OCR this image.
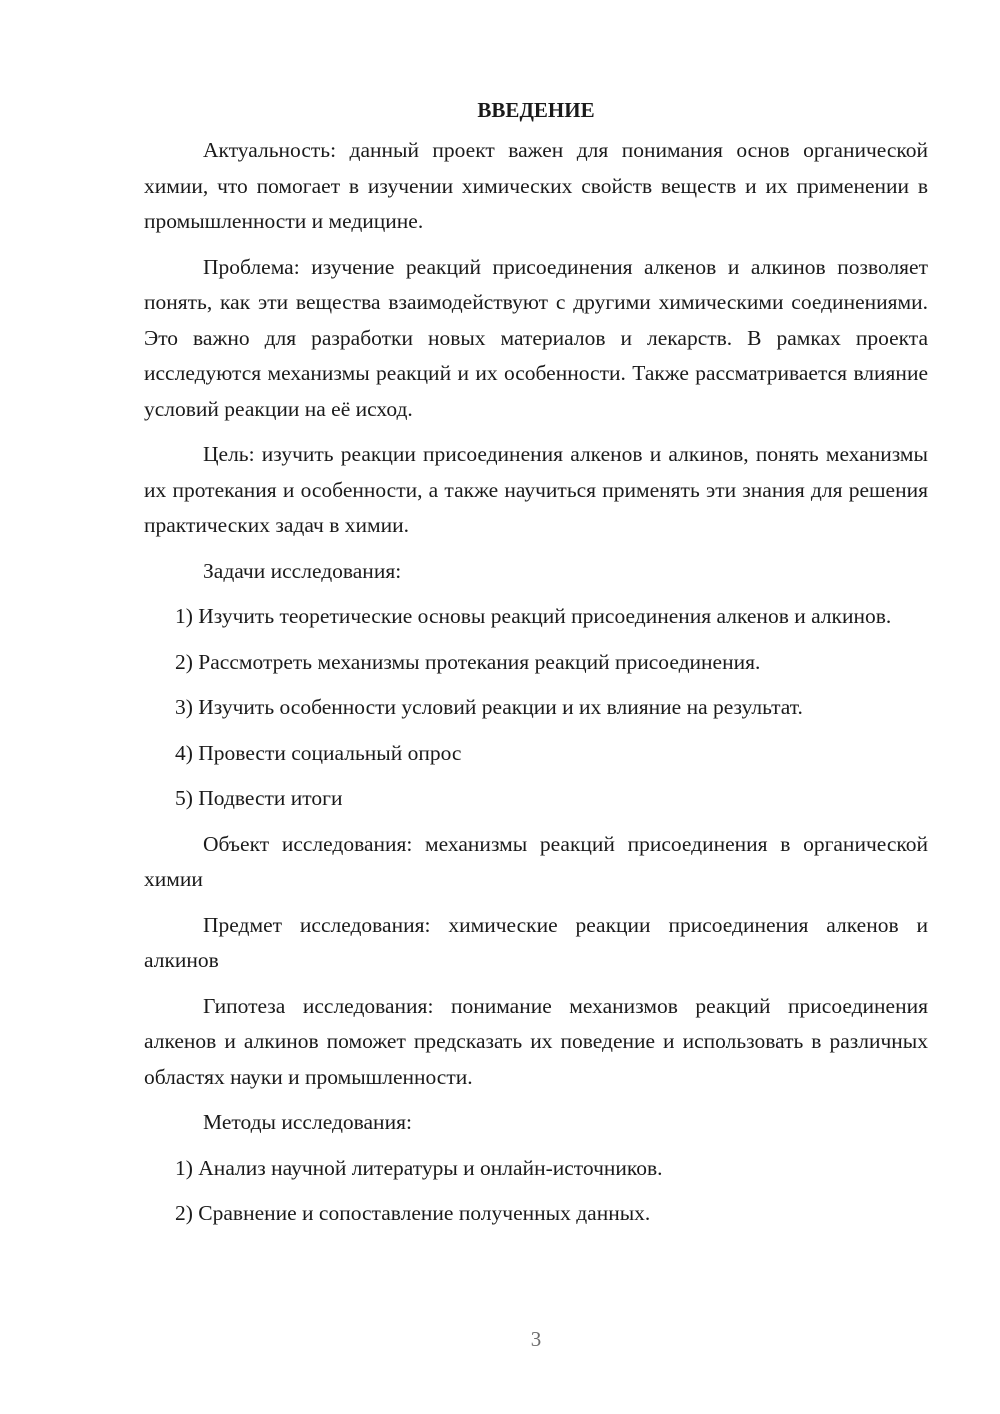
ВВЕДЕНИЕ

Актуальность: данный проект важен для понимания основ органической химии, что помогает в изучении химических свойств веществ и их применении в промышленности и медицине.

Проблема: изучение реакций присоединения алкенов и алкинов позволяет понять, как эти вещества взаимодействуют с другими химическими соединениями. Это важно для разработки новых материалов и лекарств. В рамках проекта исследуются механизмы реакций и их особенности. Также рассматривается влияние условий реакции на её исход.

Цель: изучить реакции присоединения алкенов и алкинов, понять механизмы их протекания и особенности, а также научиться применять эти знания для решения практических задач в химии.

Задачи исследования:

1) Изучить теоретические основы реакций присоединения алкенов и алкинов.

2) Рассмотреть механизмы протекания реакций присоединения.

3) Изучить особенности условий реакции и их влияние на результат.

4) Провести социальный опрос

5) Подвести итоги

Объект исследования: механизмы реакций присоединения в органической химии

Предмет исследования: химические реакции присоединения алкенов и алкинов

Гипотеза исследования: понимание механизмов реакций присоединения алкенов и алкинов поможет предсказать их поведение и использовать в различных областях науки и промышленности.

Методы исследования:

1) Анализ научной литературы и онлайн-источников.

2) Сравнение и сопоставление полученных данных.

3
